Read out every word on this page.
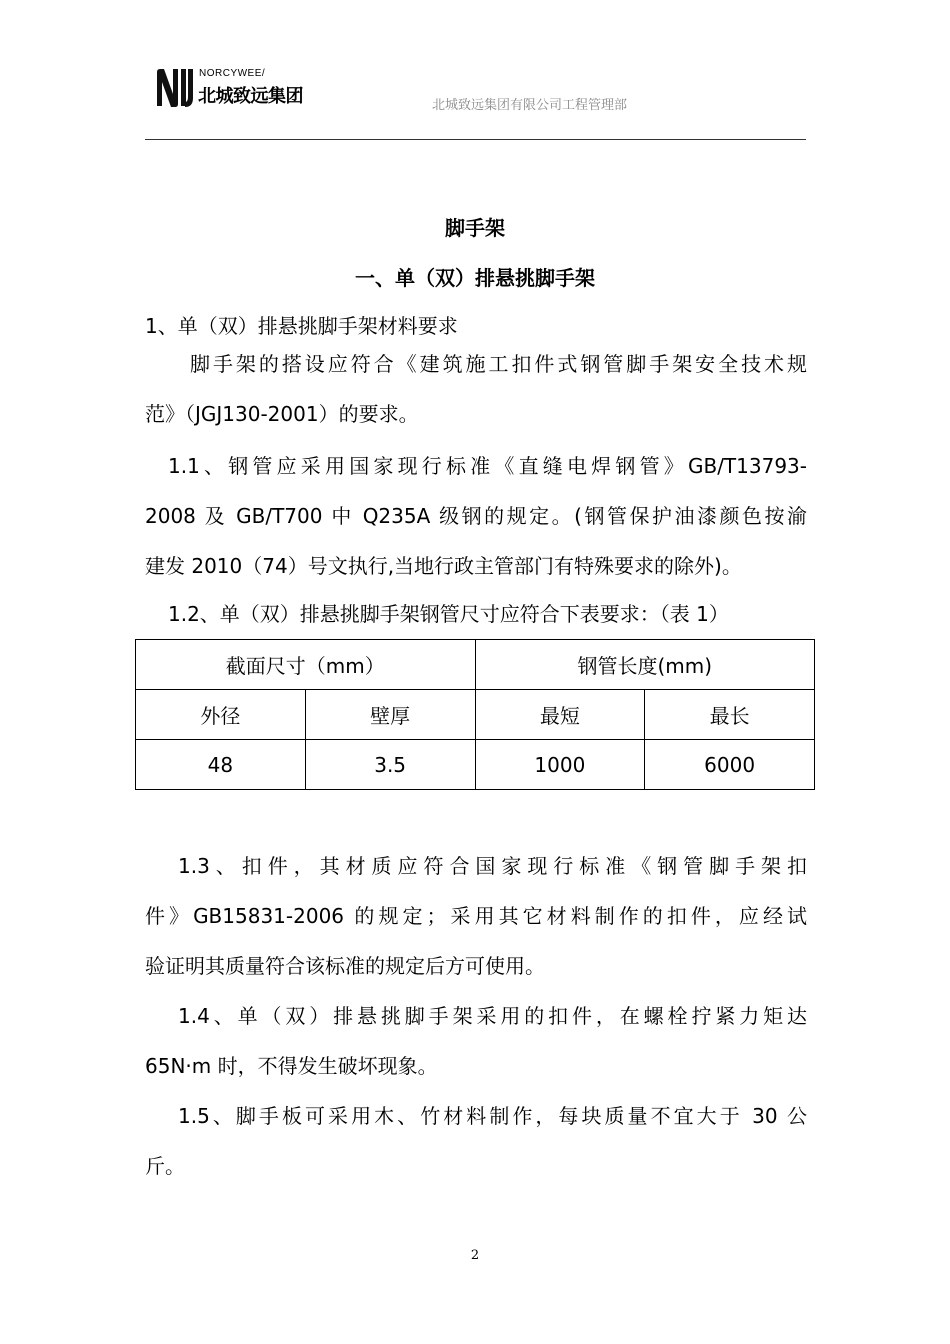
NORCYWEE/
北城致远集团	北城致远集团有限公司工程管理部
脚手架
一、单（双）排悬挑脚手架
1、单（双）排悬挑脚手架材料要求
脚手架的搭设应符合《建筑施工扣件式钢管脚手架安全技术规
范》（JGJ130-2001）的要求。
1.1、钢管应采用国家现行标准《直缝电焊钢管》GB/T13793-
2008 及 GB/T700 中 Q235A 级钢的规定。(钢管保护油漆颜色按渝
建发 2010（74）号文执行,当地行政主管部门有特殊要求的除外)。
1.2、单（双）排悬挑脚手架钢管尺寸应符合下表要求：（表 1）
截面尺寸（mm）		钢管长度(mm)	
外径	壁厚	最短	最长
48	3.5	1000	6000
1.3、扣件，其材质应符合国家现行标准《钢管脚手架扣
件》GB15831-2006 的规定；采用其它材料制作的扣件，应经试
验证明其质量符合该标准的规定后方可使用。
1.4、单（双）排悬挑脚手架采用的扣件，在螺栓拧紧力矩达
65N·m 时，不得发生破坏现象。
1.5、脚手板可采用木、竹材料制作，每块质量不宜大于 30 公
斤。
2
